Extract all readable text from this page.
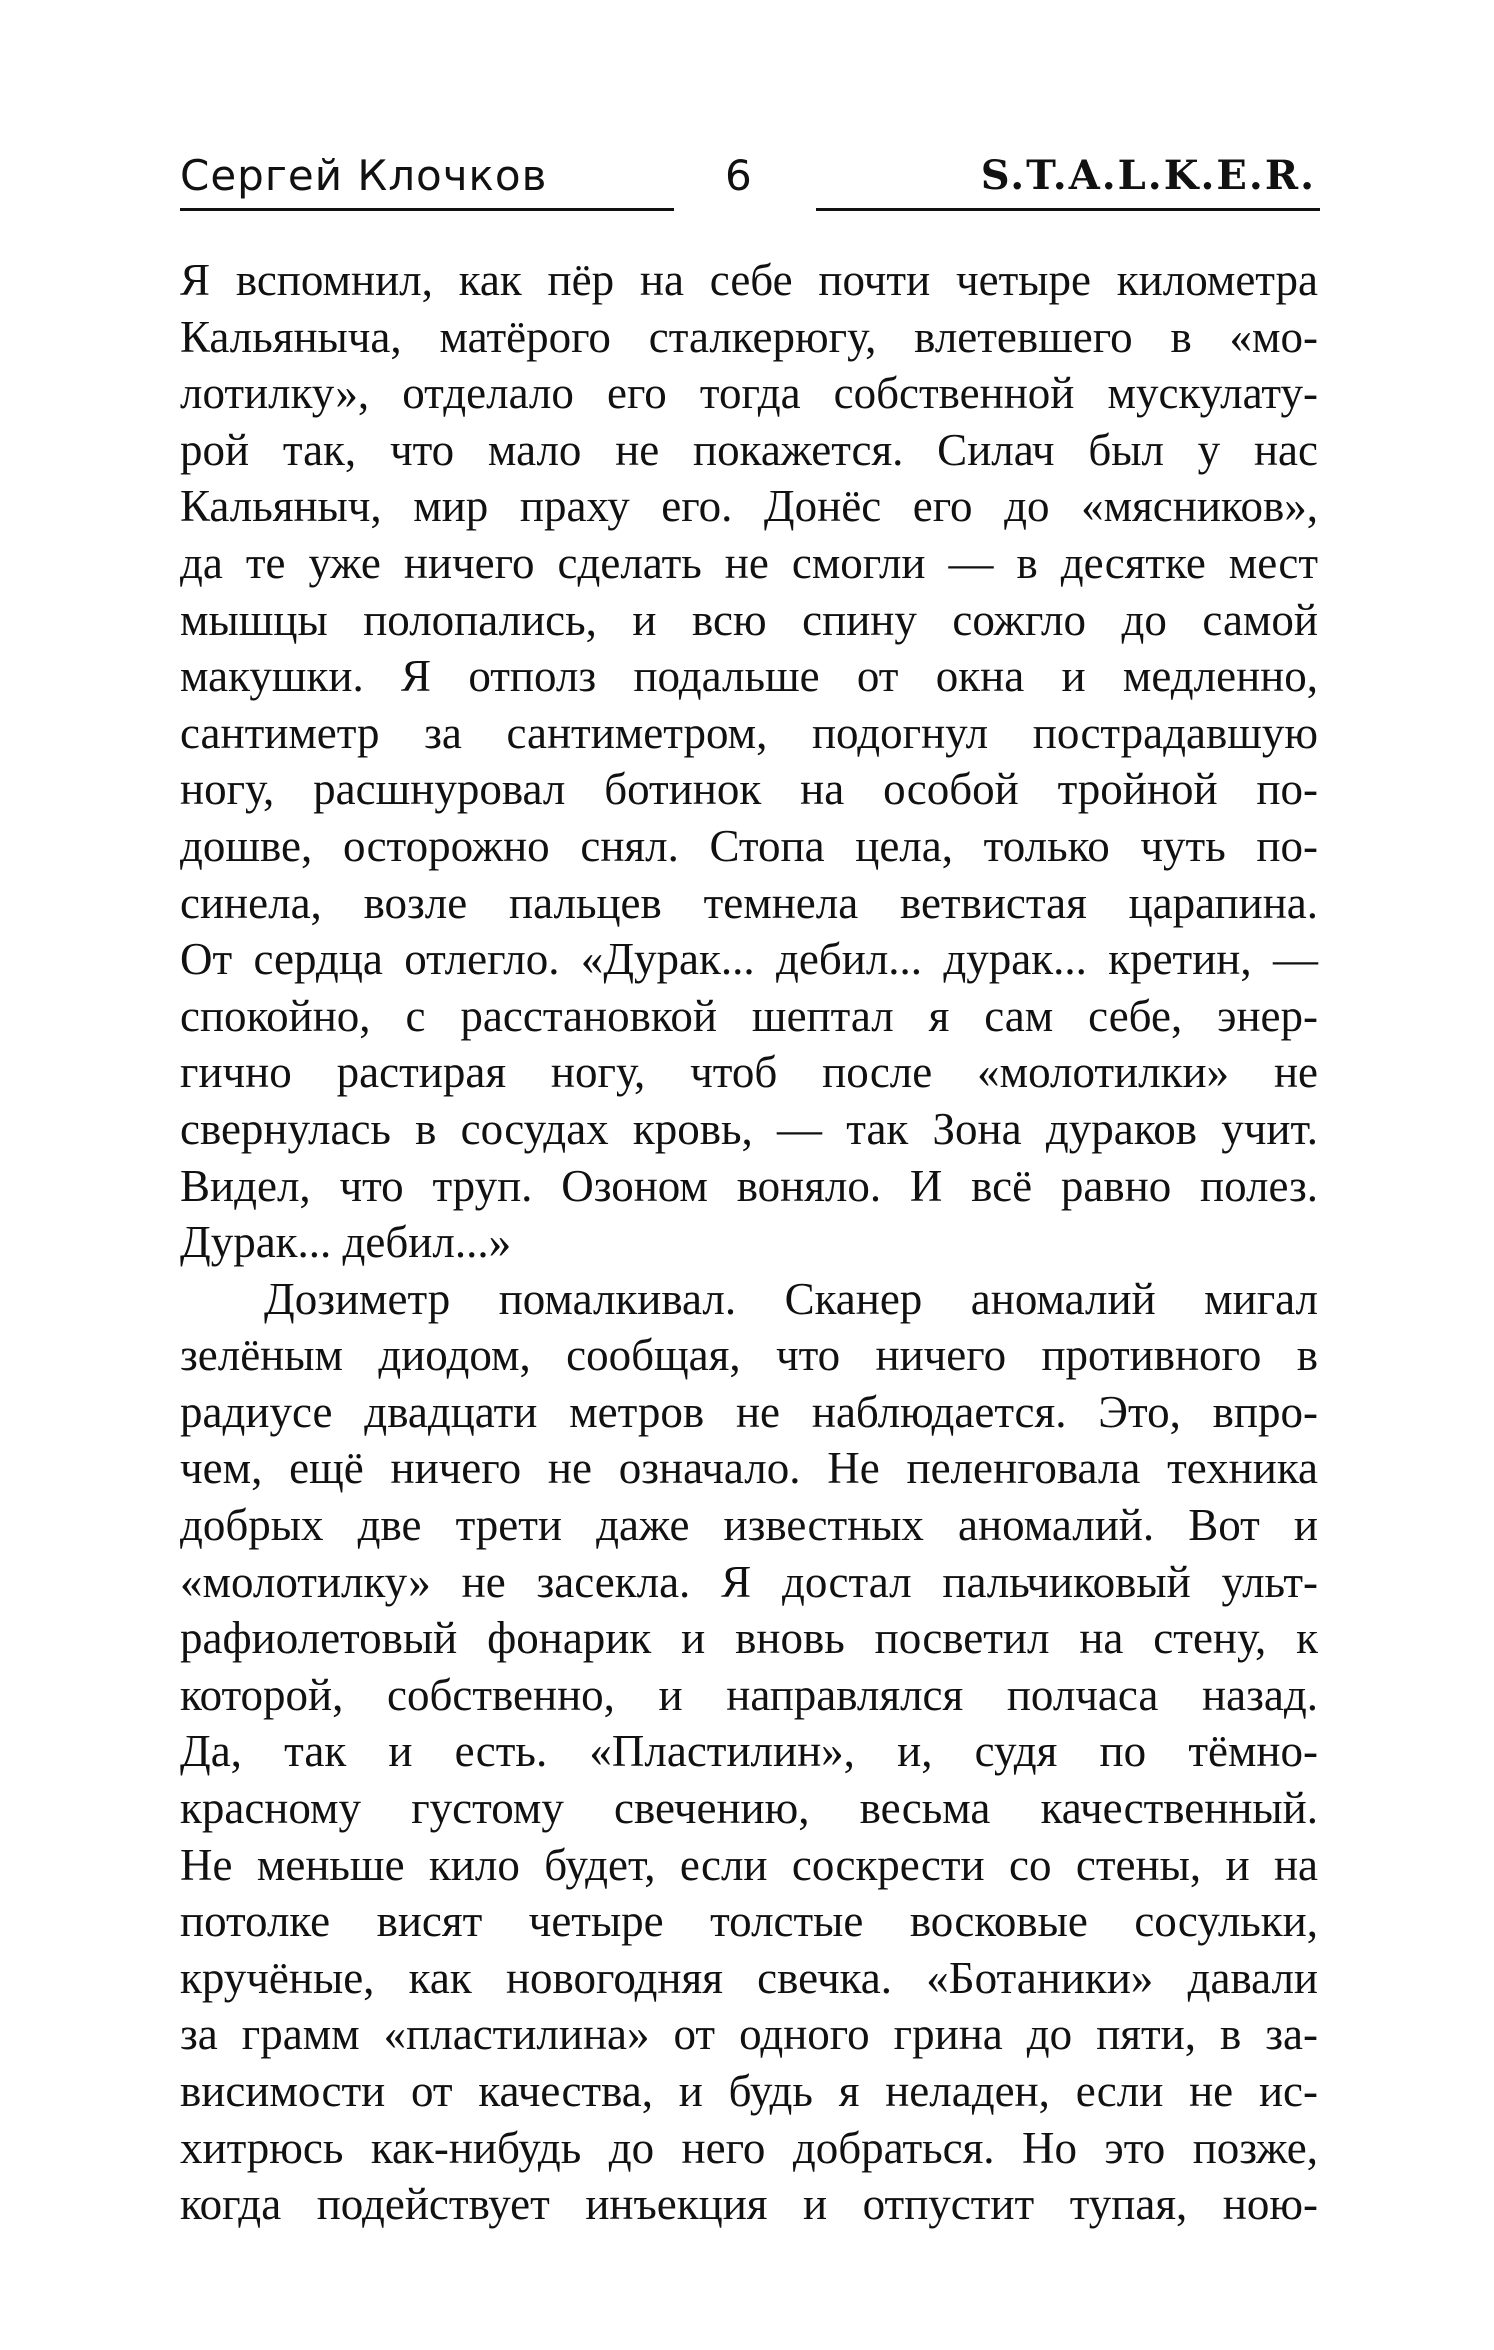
Сергей Клочков	6	S.T.A.L.K.E.R.

Я вспомнил, как пёр на себе почти четыре километра

Кальяныча, матёрого сталкерюгу, влетевшего в «мо-

лотилку», отделало его тогда собственной мускулату-

рой так, что мало не покажется. Силач был у нас

Кальяныч, мир праху его. Донёс его до «мясников»,

да те уже ничего сделать не смогли — в десятке мест

мышцы полопались, и всю спину сожгло до самой

макушки. Я отполз подальше от окна и медленно,

сантиметр за сантиметром, подогнул пострадавшую

ногу, расшнуровал ботинок на особой тройной по-

дошве, осторожно снял. Стопа цела, только чуть по-

синела, возле пальцев темнела ветвистая царапина.

От сердца отлегло. «Дурак... дебил... дурак... кретин, —

спокойно, с расстановкой шептал я сам себе, энер-

гично растирая ногу, чтоб после «молотилки» не

свернулась в сосудах кровь, — так Зона дураков учит.

Видел, что труп. Озоном воняло. И всё равно полез.

Дурак... дебил...»

Дозиметр помалкивал. Сканер аномалий мигал

зелёным диодом, сообщая, что ничего противного в

радиусе двадцати метров не наблюдается. Это, впро-

чем, ещё ничего не означало. Не пеленговала техника

добрых две трети даже известных аномалий. Вот и

«молотилку» не засекла. Я достал пальчиковый ульт-

рафиолетовый фонарик и вновь посветил на стену, к

которой, собственно, и направлялся полчаса назад.

Да, так и есть. «Пластилин», и, судя по тёмно-

красному густому свечению, весьма качественный.

Не меньше кило будет, если соскрести со стены, и на

потолке висят четыре толстые восковые сосульки,

кручёные, как новогодняя свечка. «Ботаники» давали

за грамм «пластилина» от одного грина до пяти, в за-

висимости от качества, и будь я неладен, если не ис-

хитрюсь как-нибудь до него добраться. Но это позже,

когда подействует инъекция и отпустит тупая, ною-
